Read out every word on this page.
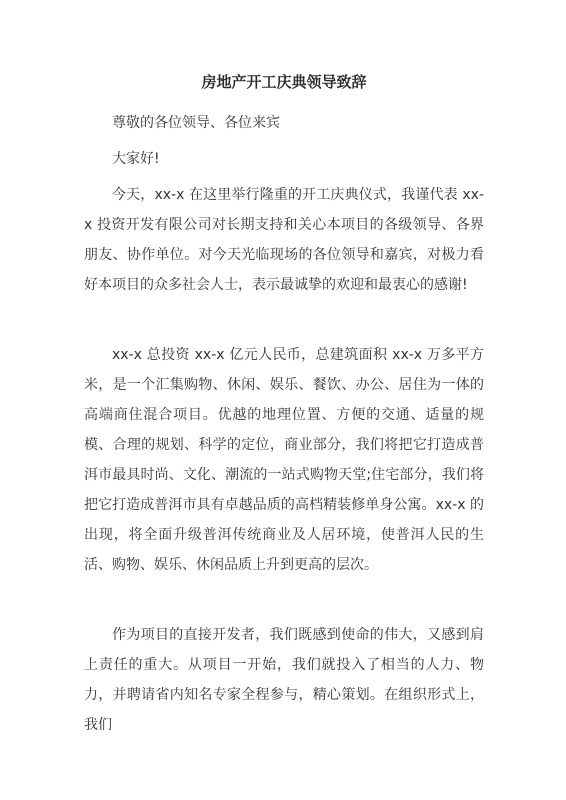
房地产开工庆典领导致辞

尊敬的各位领导、各位来宾

大家好!

今天，xx-x 在这里举行隆重的开工庆典仪式，我谨代表 xx-x 投资开发有限公司对长期支持和关心本项目的各级领导、各界朋友、协作单位。对今天光临现场的各位领导和嘉宾，对极力看好本项目的众多社会人士，表示最诚挚的欢迎和最衷心的感谢!

xx-x 总投资 xx-x 亿元人民币，总建筑面积 xx-x 万多平方米，是一个汇集购物、休闲、娱乐、餐饮、办公、居住为一体的高端商住混合项目。优越的地理位置、方便的交通、适量的规模、合理的规划、科学的定位，商业部分，我们将把它打造成普洱市最具时尚、文化、潮流的一站式购物天堂;住宅部分，我们将把它打造成普洱市具有卓越品质的高档精装修单身公寓。xx-x 的出现，将全面升级普洱传统商业及人居环境，使普洱人民的生活、购物、娱乐、休闲品质上升到更高的层次。

作为项目的直接开发者，我们既感到使命的伟大，又感到肩上责任的重大。从项目一开始，我们就投入了相当的人力、物力，并聘请省内知名专家全程参与，精心策划。在组织形式上，我们
